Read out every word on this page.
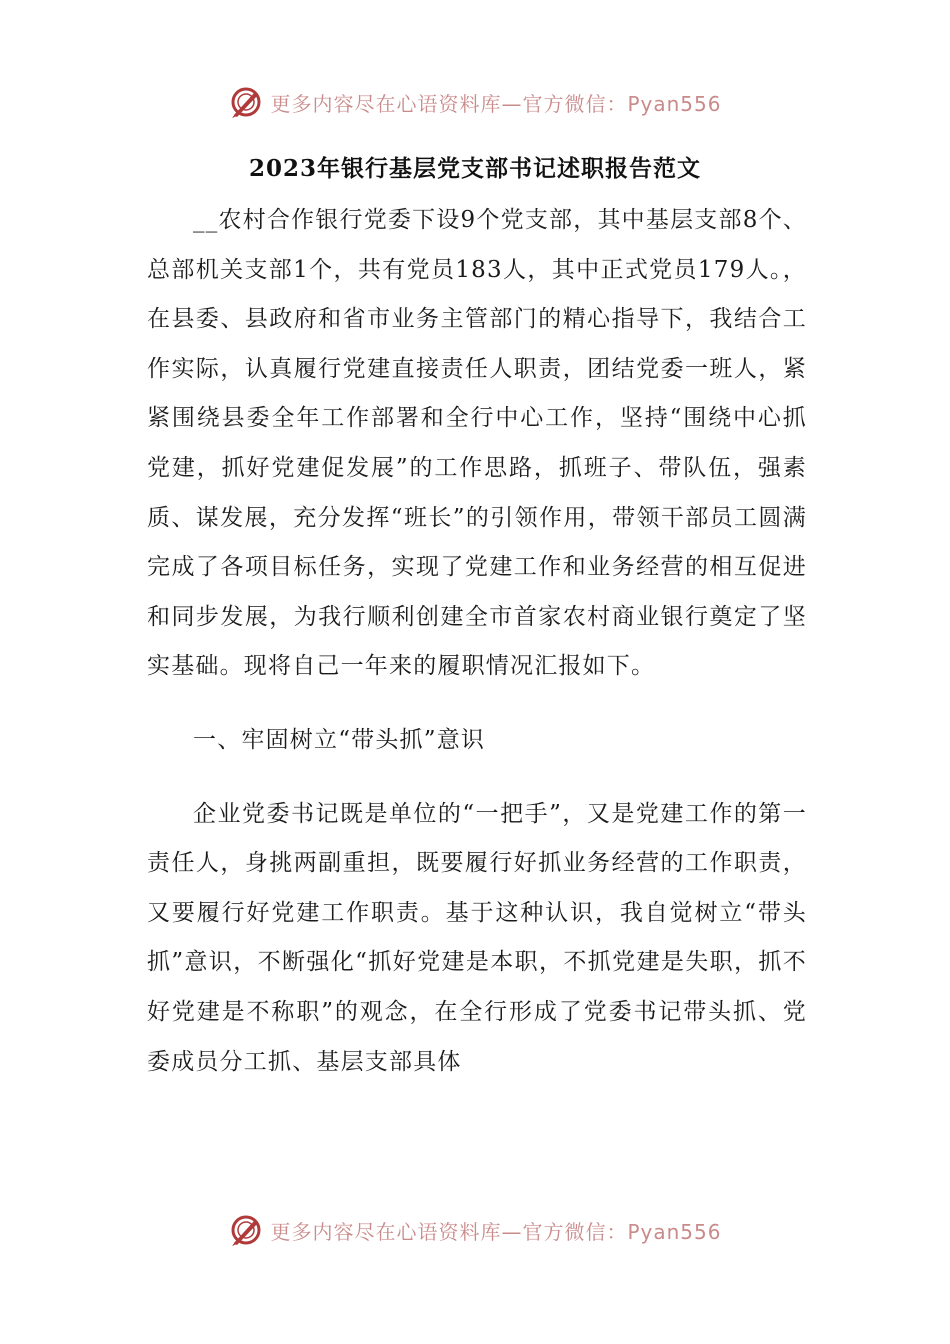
更多内容尽在心语资料库—官方微信：Pyan556
2023年银行基层党支部书记述职报告范文

__农村合作银行党委下设9个党支部，其中基层支部8个、总部机关支部1个，共有党员183人，其中正式党员179人。，在县委、县政府和省市业务主管部门的精心指导下，我结合工作实际，认真履行党建直接责任人职责，团结党委一班人，紧紧围绕县委全年工作部署和全行中心工作，坚持“围绕中心抓党建，抓好党建促发展”的工作思路，抓班子、带队伍，强素质、谋发展，充分发挥“班长”的引领作用，带领干部员工圆满完成了各项目标任务，实现了党建工作和业务经营的相互促进和同步发展，为我行顺利创建全市首家农村商业银行奠定了坚实基础。现将自己一年来的履职情况汇报如下。

一、牢固树立“带头抓”意识

企业党委书记既是单位的“一把手”，又是党建工作的第一责任人，身挑两副重担，既要履行好抓业务经营的工作职责，又要履行好党建工作职责。基于这种认识，我自觉树立“带头抓”意识，不断强化“抓好党建是本职，不抓党建是失职，抓不好党建是不称职”的观念，在全行形成了党委书记带头抓、党委成员分工抓、基层支部具体

更多内容尽在心语资料库—官方微信：Pyan556
